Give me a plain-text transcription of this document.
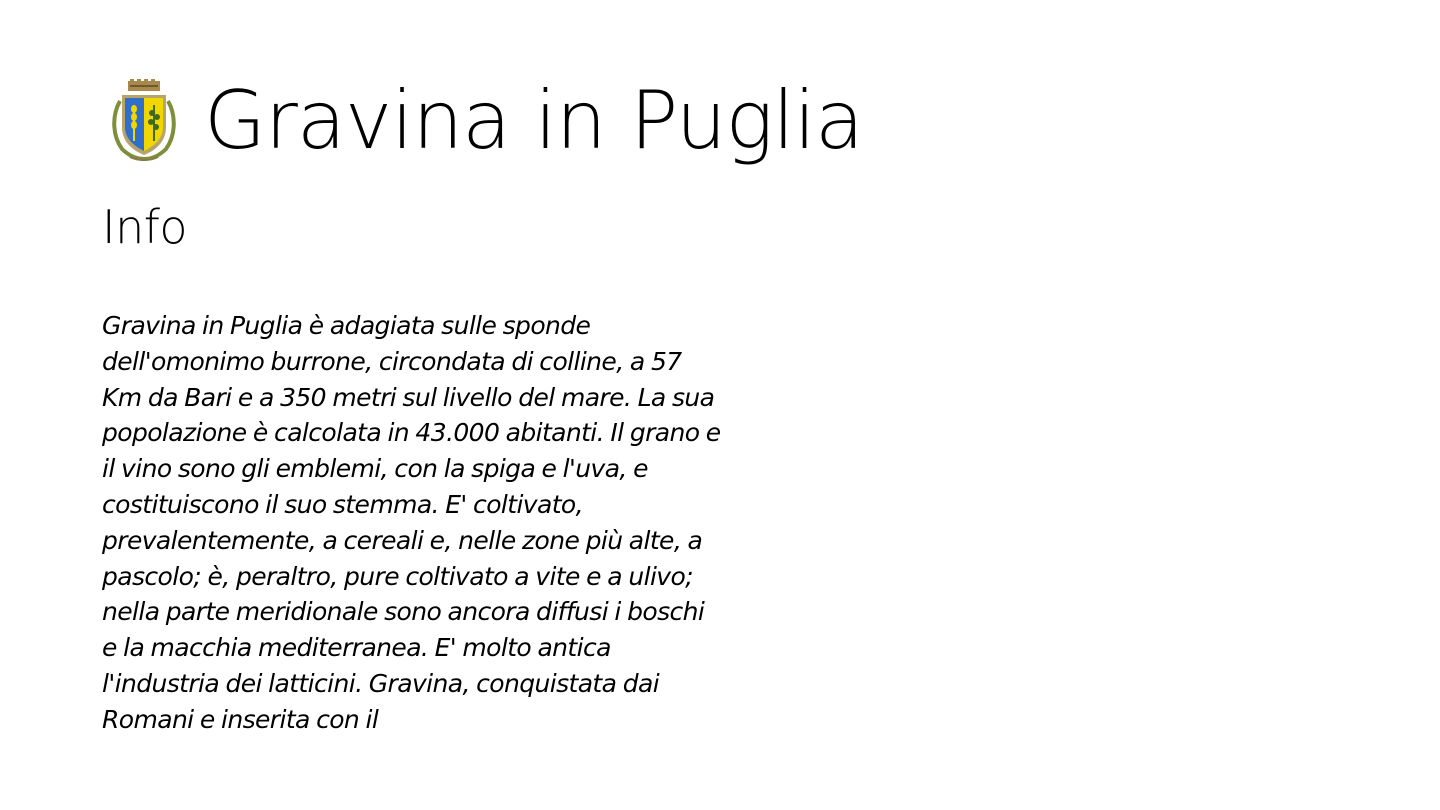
Gravina in Puglia
Info

Gravina in Puglia è adagiata sulle sponde dell'omonimo burrone, circondata di colline, a 57 Km da Bari e a 350 metri sul livello del mare. La sua popolazione è calcolata in 43.000 abitanti. Il grano e il vino sono gli emblemi, con la spiga e l'uva, e costituiscono il suo stemma. E' coltivato, prevalentemente, a cereali e, nelle zone più alte, a pascolo; è, peraltro, pure coltivato a vite e a ulivo; nella parte meridionale sono ancora diffusi i boschi e la macchia mediterranea. E' molto antica l'industria dei latticini. Gravina, conquistata dai Romani e inserita con il
